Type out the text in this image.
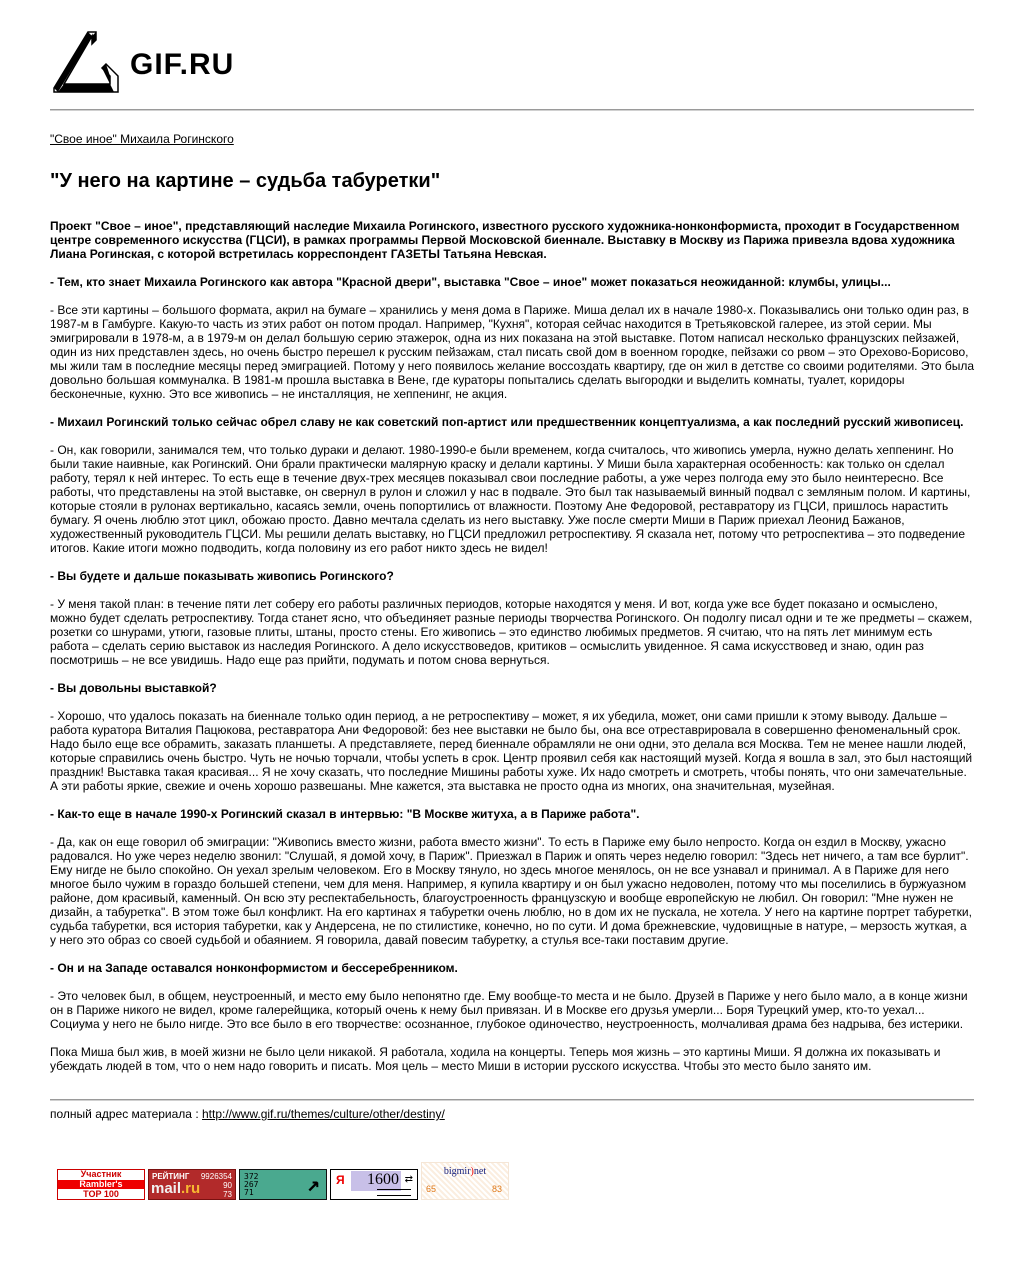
GIF.RU
"Свое иное" Михаила Рогинского
"У него на картине – судьба табуретки"

Проект "Свое – иное", представляющий наследие Михаила Рогинского, известного русского художника-нонконформиста, проходит в Государственном центре современного искусства (ГЦСИ), в рамках программы Первой Московской биеннале. Выставку в Москву из Парижа привезла вдова художника Лиана Рогинская, с которой встретилась корреспондент ГАЗЕТЫ Татьяна Невская.

- Тем, кто знает Михаила Рогинского как автора "Красной двери", выставка "Свое – иное" может показаться неожиданной: клумбы, улицы...

- Все эти картины – большого формата, акрил на бумаге – хранились у меня дома в Париже. Миша делал их в начале 1980-х. Показывались они только один раз, в 1987-м в Гамбурге. Какую-то часть из этих работ он потом продал. Например, "Кухня", которая сейчас находится в Третьяковской галерее, из этой серии. Мы эмигрировали в 1978-м, а в 1979-м он делал большую серию этажерок, одна из них показана на этой выставке. Потом написал несколько французских пейзажей, один из них представлен здесь, но очень быстро перешел к русским пейзажам, стал писать свой дом в военном городке, пейзажи со рвом – это Орехово-Борисово, мы жили там в последние месяцы перед эмиграцией. Потому у него появилось желание воссоздать квартиру, где он жил в детстве со своими родителями. Это была довольно большая коммуналка. В 1981-м прошла выставка в Вене, где кураторы попытались сделать выгородки и выделить комнаты, туалет, коридоры бесконечные, кухню. Это все живопись – не инсталляция, не хеппенинг, не акция.

- Михаил Рогинский только сейчас обрел славу не как советский поп-артист или предшественник концептуализма, а как последний русский живописец.

- Он, как говорили, занимался тем, что только дураки и делают. 1980-1990-е были временем, когда считалось, что живопись умерла, нужно делать хеппенинг. Но были такие наивные, как Рогинский. Они брали практически малярную краску и делали картины. У Миши была характерная особенность: как только он сделал работу, терял к ней интерес. То есть еще в течение двух-трех месяцев показывал свои последние работы, а уже через полгода ему это было неинтересно. Все работы, что представлены на этой выставке, он свернул в рулон и сложил у нас в подвале. Это был так называемый винный подвал с земляным полом. И картины, которые стояли в рулонах вертикально, касаясь земли, очень попортились от влажности. Поэтому Ане Федоровой, реставратору из ГЦСИ, пришлось нарастить бумагу. Я очень люблю этот цикл, обожаю просто. Давно мечтала сделать из него выставку. Уже после смерти Миши в Париж приехал Леонид Бажанов, художественный руководитель ГЦСИ. Мы решили делать выставку, но ГЦСИ предложил ретроспективу. Я сказала нет, потому что ретроспектива – это подведение итогов. Какие итоги можно подводить, когда половину из его работ никто здесь не видел!

- Вы будете и дальше показывать живопись Рогинского?

- У меня такой план: в течение пяти лет соберу его работы различных периодов, которые находятся у меня. И вот, когда уже все будет показано и осмыслено, можно будет сделать ретроспективу. Тогда станет ясно, что объединяет разные периоды творчества Рогинского. Он подолгу писал одни и те же предметы – скажем, розетки со шнурами, утюги, газовые плиты, штаны, просто стены. Его живопись – это единство любимых предметов. Я считаю, что на пять лет минимум есть работа – сделать серию выставок из наследия Рогинского. А дело искусствоведов, критиков – осмыслить увиденное. Я сама искусствовед и знаю, один раз посмотришь – не все увидишь. Надо еще раз прийти, подумать и потом снова вернуться.

- Вы довольны выставкой?

- Хорошо, что удалось показать на биеннале только один период, а не ретроспективу – может, я их убедила, может, они сами пришли к этому выводу. Дальше – работа куратора Виталия Пацюкова, реставратора Ани Федоровой: без нее выставки не было бы, она все отреставрировала в совершенно феноменальный срок. Надо было еще все обрамить, заказать планшеты. А представляете, перед биеннале обрамляли не они одни, это делала вся Москва. Тем не менее нашли людей, которые справились очень быстро. Чуть не ночью торчали, чтобы успеть в срок. Центр проявил себя как настоящий музей. Когда я вошла в зал, это был настоящий праздник! Выставка такая красивая... Я не хочу сказать, что последние Мишины работы хуже. Их надо смотреть и смотреть, чтобы понять, что они замечательные. А эти работы яркие, свежие и очень хорошо развешаны. Мне кажется, эта выставка не просто одна из многих, она значительная, музейная.

- Как-то еще в начале 1990-х Рогинский сказал в интервью: "В Москве житуха, а в Париже работа".

- Да, как он еще говорил об эмиграции: "Живопись вместо жизни, работа вместо жизни". То есть в Париже ему было непросто. Когда он ездил в Москву, ужасно радовался. Но уже через неделю звонил: "Слушай, я домой хочу, в Париж". Приезжал в Париж и опять через неделю говорил: "Здесь нет ничего, а там все бурлит". Ему нигде не было спокойно. Он уехал зрелым человеком. Его в Москву тянуло, но здесь многое менялось, он не все узнавал и принимал. А в Париже для него многое было чужим в гораздо большей степени, чем для меня. Например, я купила квартиру и он был ужасно недоволен, потому что мы поселились в буржуазном районе, дом красивый, каменный. Он всю эту респектабельность, благоустроенность французскую и вообще европейскую не любил. Он говорил: "Мне нужен не дизайн, а табуретка". В этом тоже был конфликт. На его картинах я табуретки очень люблю, но в дом их не пускала, не хотела. У него на картине портрет табуретки, судьба табуретки, вся история табуретки, как у Андерсена, не по стилистике, конечно, но по сути. И дома брежневские, чудовищные в натуре, – мерзость жуткая, а у него это образ со своей судьбой и обаянием. Я говорила, давай повесим табуретку, а стулья все-таки поставим другие.

- Он и на Западе оставался нонконформистом и бессеребренником.

- Это человек был, в общем, неустроенный, и место ему было непонятно где. Ему вообще-то места и не было. Друзей в Париже у него было мало, а в конце жизни он в Париже никого не видел, кроме галерейщика, который очень к нему был привязан. И в Москве его друзья умерли... Боря Турецкий умер, кто-то уехал... Социума у него не было нигде. Это все было в его творчестве: осознанное, глубокое одиночество, неустроенность, молчаливая драма без надрыва, без истерики.

Пока Миша был жив, в моей жизни не было цели никакой. Я работала, ходила на концерты. Теперь моя жизнь – это картины Миши. Я должна их показывать и убеждать людей в том, что о нем надо говорить и писать. Моя цель – место Миши в истории русского искусства. Чтобы это место было занято им.

полный адрес материала : http://www.gif.ru/themes/culture/other/destiny/
Участник
Rambler's
TOP 100
РЕЙТИНГ 9926354
mail.ru	90
73
372
267
71 ↗ Я	1600 ⇄
bigmir)net
65	83
